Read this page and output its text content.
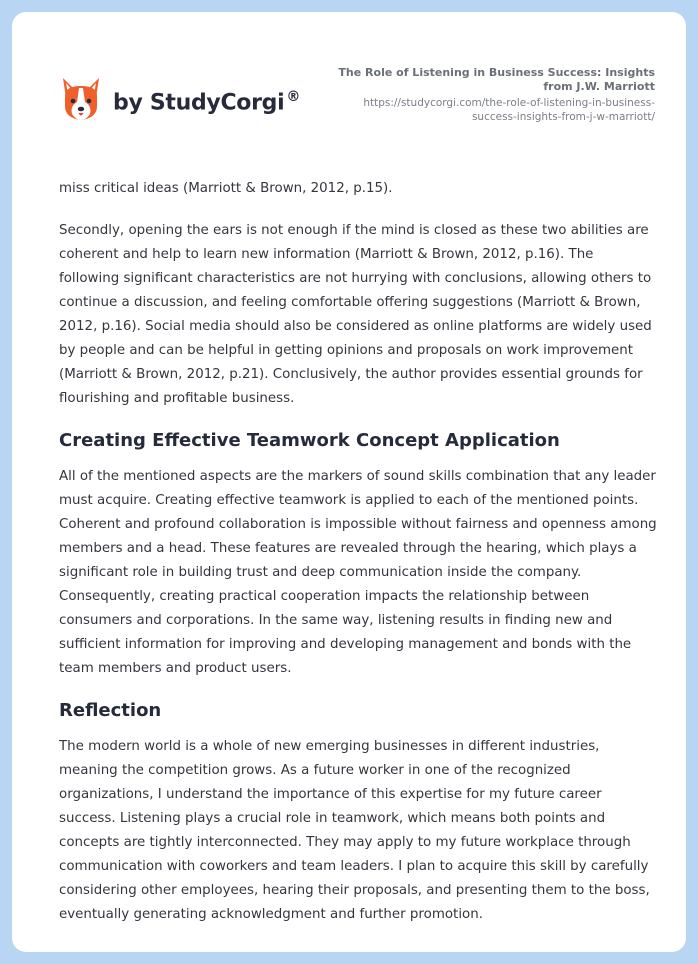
by StudyCorgi ®
The Role of Listening in Business Success: Insights from J.W. Marriott
https://studycorgi.com/the-role-of-listening-in-business-success-insights-from-j-w-marriott/

miss critical ideas (Marriott & Brown, 2012, p.15).

Secondly, opening the ears is not enough if the mind is closed as these two abilities are coherent and help to learn new information (Marriott & Brown, 2012, p.16). The following significant characteristics are not hurrying with conclusions, allowing others to continue a discussion, and feeling comfortable offering suggestions (Marriott & Brown, 2012, p.16). Social media should also be considered as online platforms are widely used by people and can be helpful in getting opinions and proposals on work improvement (Marriott & Brown, 2012, p.21). Conclusively, the author provides essential grounds for flourishing and profitable business.

Creating Effective Teamwork Concept Application

All of the mentioned aspects are the markers of sound skills combination that any leader must acquire. Creating effective teamwork is applied to each of the mentioned points. Coherent and profound collaboration is impossible without fairness and openness among members and a head. These features are revealed through the hearing, which plays a significant role in building trust and deep communication inside the company. Consequently, creating practical cooperation impacts the relationship between consumers and corporations. In the same way, listening results in finding new and sufficient information for improving and developing management and bonds with the team members and product users.

Reflection

The modern world is a whole of new emerging businesses in different industries, meaning the competition grows. As a future worker in one of the recognized organizations, I understand the importance of this expertise for my future career success. Listening plays a crucial role in teamwork, which means both points and concepts are tightly interconnected. They may apply to my future workplace through communication with coworkers and team leaders. I plan to acquire this skill by carefully considering other employees, hearing their proposals, and presenting them to the boss, eventually generating acknowledgment and further promotion.
